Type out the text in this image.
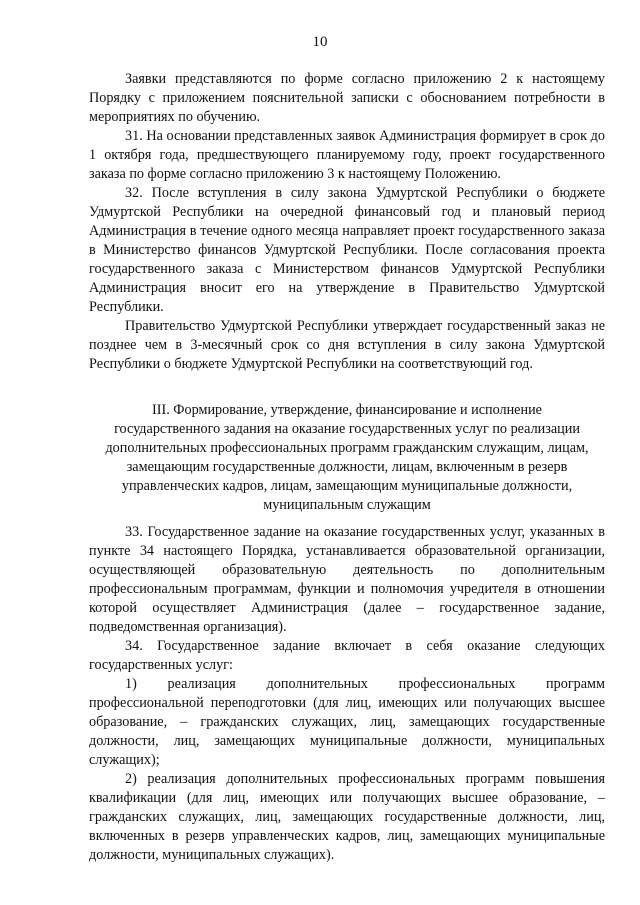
10

Заявки представляются по форме согласно приложению 2 к настоящему Порядку с приложением пояснительной записки с обоснованием потребности в мероприятиях по обучению.

31. На основании представленных заявок Администрация формирует в срок до 1 октября года, предшествующего планируемому году, проект государственного заказа по форме согласно приложению 3 к настоящему Положению.

32. После вступления в силу закона Удмуртской Республики о бюджете Удмуртской Республики на очередной финансовый год и плановый период Администрация в течение одного месяца направляет проект государственного заказа в Министерство финансов Удмуртской Республики. После согласования проекта государственного заказа с Министерством финансов Удмуртской Республики Администрация вносит его на утверждение в Правительство Удмуртской Республики.

Правительство Удмуртской Республики утверждает государственный заказ не позднее чем в 3-месячный срок со дня вступления в силу закона Удмуртской Республики о бюджете Удмуртской Республики на соответствующий год.

III. Формирование, утверждение, финансирование и исполнение

государственного задания на оказание государственных услуг по реализации

дополнительных профессиональных программ гражданским служащим, лицам,

замещающим государственные должности, лицам, включенным в резерв

управленческих кадров, лицам, замещающим муниципальные должности,

муниципальным служащим

33. Государственное задание на оказание государственных услуг, указанных в пункте 34 настоящего Порядка, устанавливается образовательной организации, осуществляющей образовательную деятельность по дополнительным профессиональным программам, функции и полномочия учредителя в отношении которой осуществляет Администрация (далее – государственное задание, подведомственная организация).

34. Государственное задание включает в себя оказание следующих государственных услуг:

1) реализация дополнительных профессиональных программ профессиональной переподготовки (для лиц, имеющих или получающих высшее образование, – гражданских служащих, лиц, замещающих государственные должности, лиц, замещающих муниципальные должности, муниципальных служащих);

2) реализация дополнительных профессиональных программ повышения квалификации (для лиц, имеющих или получающих высшее образование, – гражданских служащих, лиц, замещающих государственные должности, лиц, включенных в резерв управленческих кадров, лиц, замещающих муниципальные должности, муниципальных служащих).
